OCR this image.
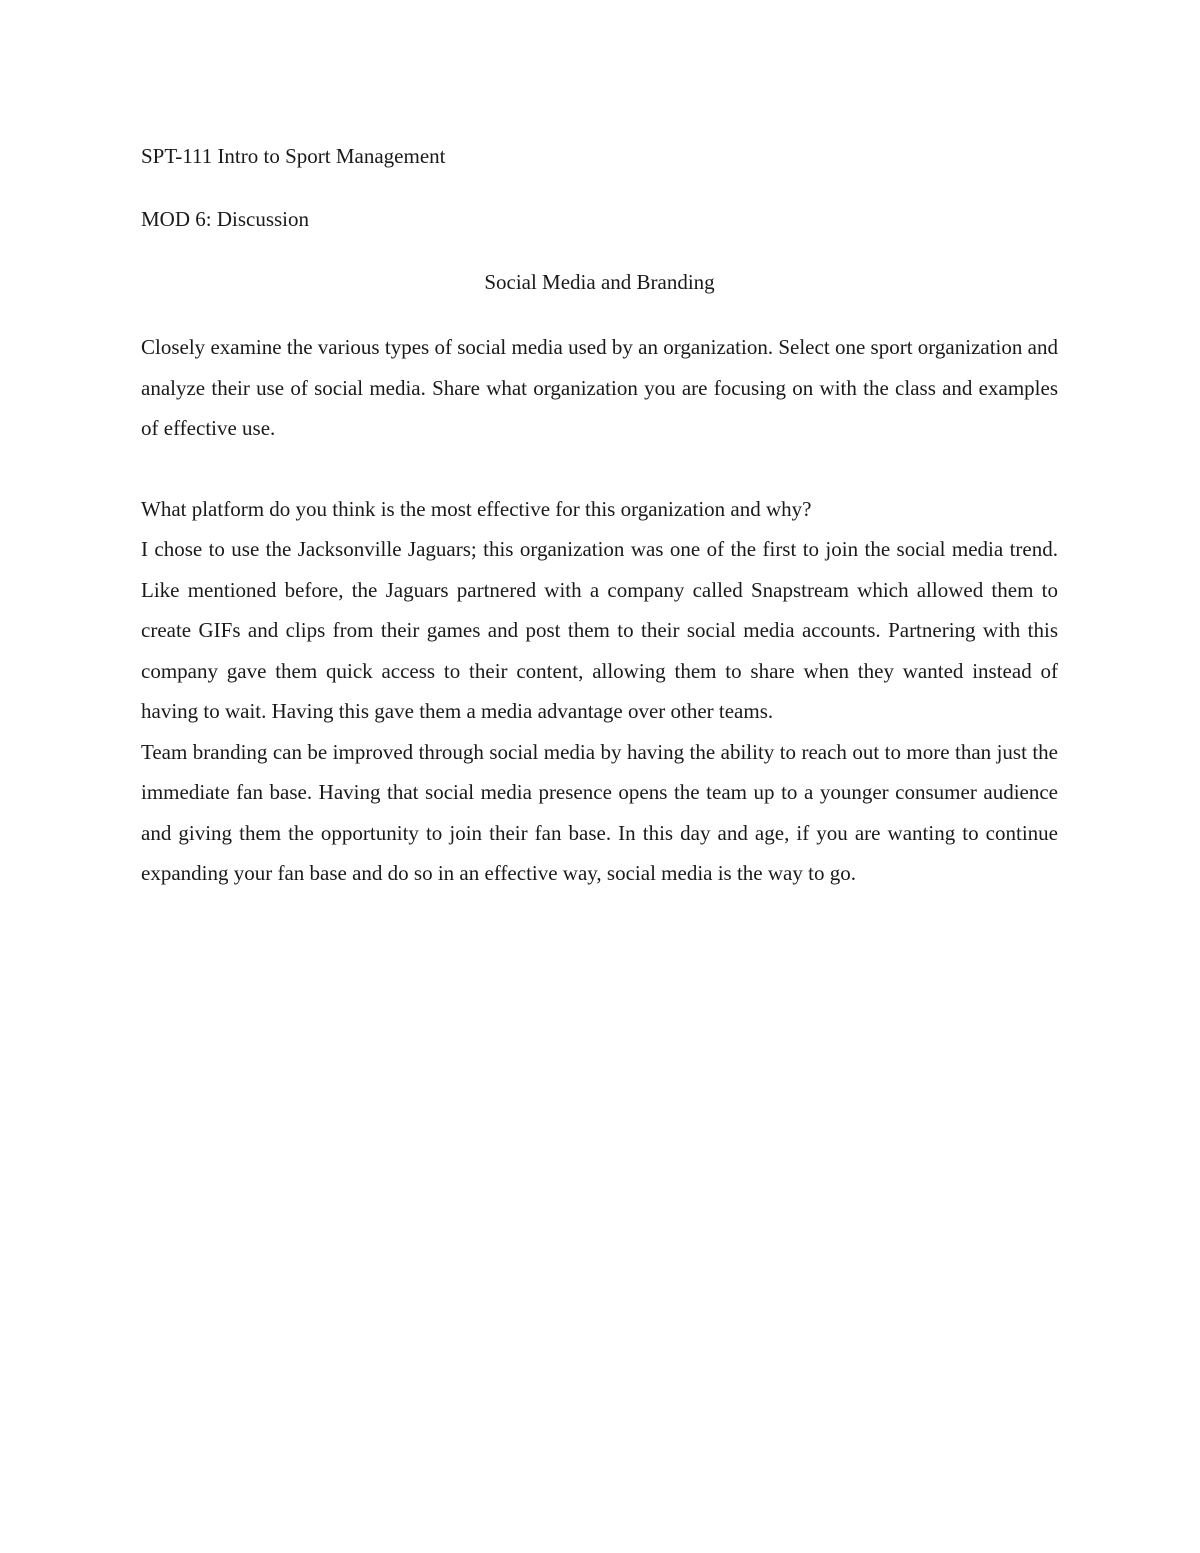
SPT-111 Intro to Sport Management

MOD 6: Discussion

Social Media and Branding

Closely examine the various types of social media used by an organization. Select one sport organization and analyze their use of social media. Share what organization you are focusing on with the class and examples of effective use.

What platform do you think is the most effective for this organization and why?

I chose to use the Jacksonville Jaguars; this organization was one of the first to join the social media trend. Like mentioned before, the Jaguars partnered with a company called Snapstream which allowed them to create GIFs and clips from their games and post them to their social media accounts. Partnering with this company gave them quick access to their content, allowing them to share when they wanted instead of having to wait. Having this gave them a media advantage over other teams.

Team branding can be improved through social media by having the ability to reach out to more than just the immediate fan base. Having that social media presence opens the team up to a younger consumer audience and giving them the opportunity to join their fan base. In this day and age, if you are wanting to continue expanding your fan base and do so in an effective way, social media is the way to go.
